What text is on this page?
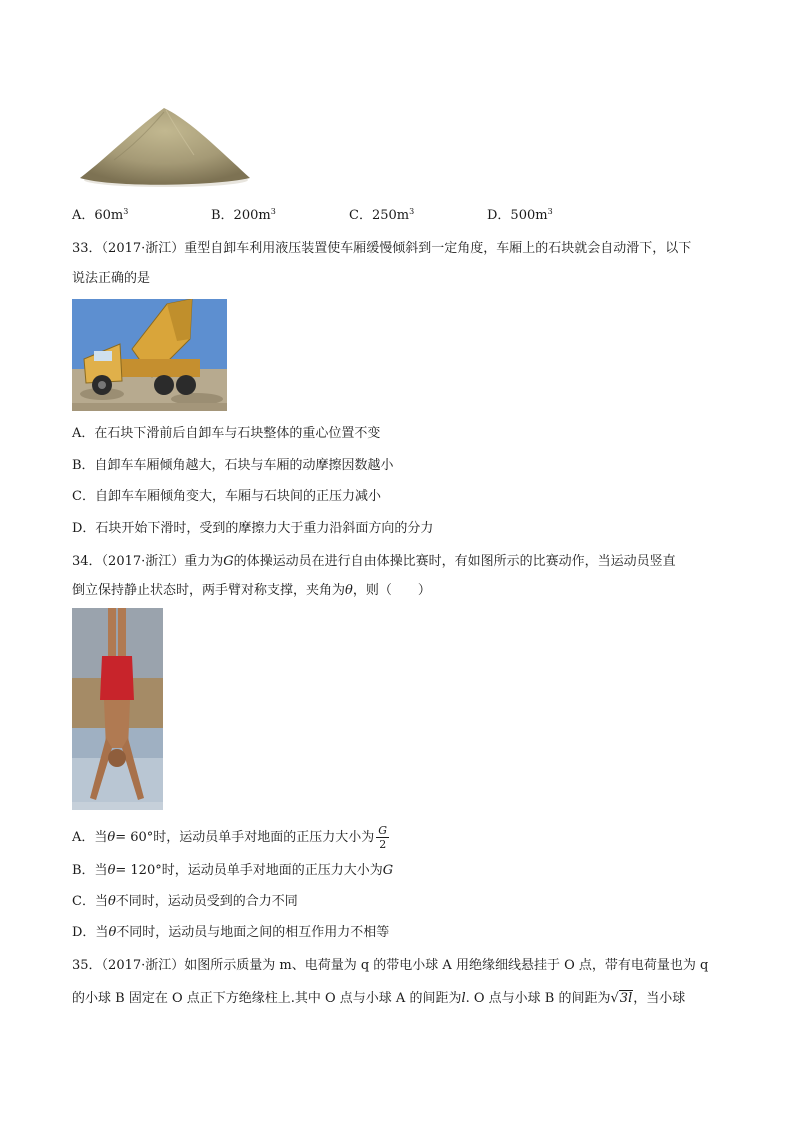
A．$60m^3$	B．$200m^3$	C．$250m^3$	D．$500m^3$
33．（2017·浙江）重型自卸车利用液压装置使车厢缓慢倾斜到一定角度，车厢上的石块就会自动滑下，以下
说法正确的是
A．在石块下滑前后自卸车与石块整体的重心位置不变
B．自卸车车厢倾角越大，石块与车厢的动摩擦因数越小
C．自卸车车厢倾角变大，车厢与石块间的正压力减小
D．石块开始下滑时，受到的摩擦力大于重力沿斜面方向的分力
34．（2017·浙江）重力为G的体操运动员在进行自由体操比赛时，有如图所示的比赛动作，当运动员竖直
倒立保持静止状态时，两手臂对称支撑，夹角为θ，则（　　）
A．当θ= 60°时，运动员单手对地面的正压力大小为 $\frac{G}{2}$
B．当θ= 120°时，运动员单手对地面的正压力大小为G
C．当θ不同时，运动员受到的合力不同
D．当θ不同时，运动员与地面之间的相互作用力不相等
35．（2017·浙江）如图所示质量为 m、电荷量为 q 的带电小球 A 用绝缘细线悬挂于 O 点，带有电荷量也为 q
的小球 B 固定在 O 点正下方绝缘柱上.其中 O 点与小球 A 的间距为l. O 点与小球 B 的间距为√3l，当小球
